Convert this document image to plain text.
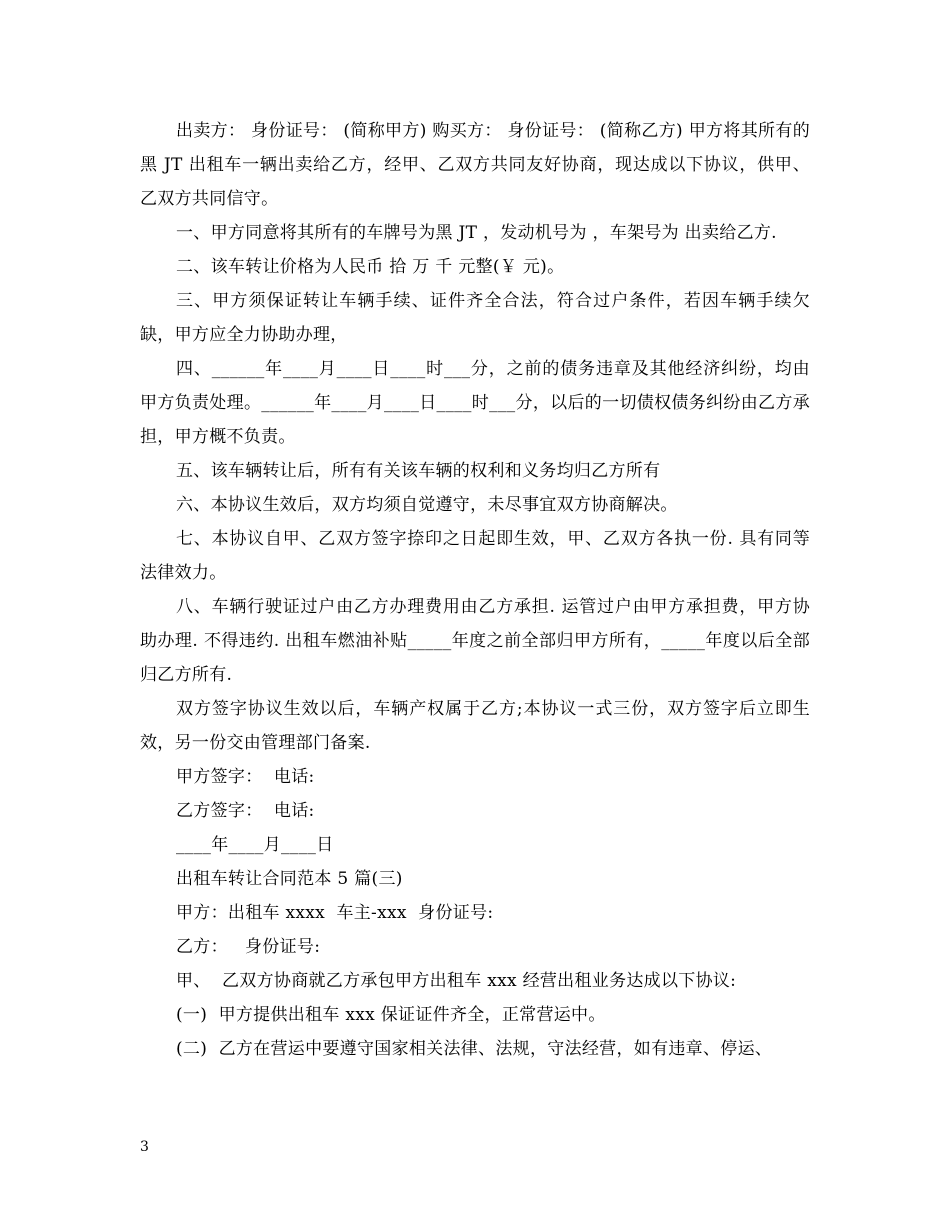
出卖方： 身份证号： (简称甲方) 购买方： 身份证号： (简称乙方) 甲方将其所有的黑 JT 出租车一辆出卖给乙方，经甲、乙双方共同友好协商，现达成以下协议，供甲、乙双方共同信守。

一、甲方同意将其所有的车牌号为黑 JT ，发动机号为 ，车架号为 出卖给乙方.

二、该车转让价格为人民币 拾 万 千 元整(￥ 元)。

三、甲方须保证转让车辆手续、证件齐全合法，符合过户条件，若因车辆手续欠缺，甲方应全力协助办理，

四、______年____月____日____时___分，之前的债务违章及其他经济纠纷，均由甲方负责处理。______年____月____日____时___分，以后的一切债权债务纠纷由乙方承担，甲方概不负责。

五、该车辆转让后，所有有关该车辆的权利和义务均归乙方所有

六、本协议生效后，双方均须自觉遵守，未尽事宜双方协商解决。

七、本协议自甲、乙双方签字捺印之日起即生效，甲、乙双方各执一份. 具有同等法律效力。

八、车辆行驶证过户由乙方办理费用由乙方承担. 运管过户由甲方承担费，甲方协助办理. 不得违约. 出租车燃油补贴_____年度之前全部归甲方所有，_____年度以后全部归乙方所有.

双方签字协议生效以后，车辆产权属于乙方;本协议一式三份，双方签字后立即生效，另一份交由管理部门备案.

甲方签字：  电话:

乙方签字：  电话:

____年____月____日

出租车转让合同范本 5 篇(三)

甲方：出租车 xxxx  车主-xxx  身份证号:

乙方：   身份证号:

甲、  乙双方协商就乙方承包甲方出租车 xxx 经营出租业务达成以下协议:

(一)  甲方提供出租车 xxx 保证证件齐全，正常营运中。

(二)  乙方在营运中要遵守国家相关法律、法规，守法经营，如有违章、停运、

3
